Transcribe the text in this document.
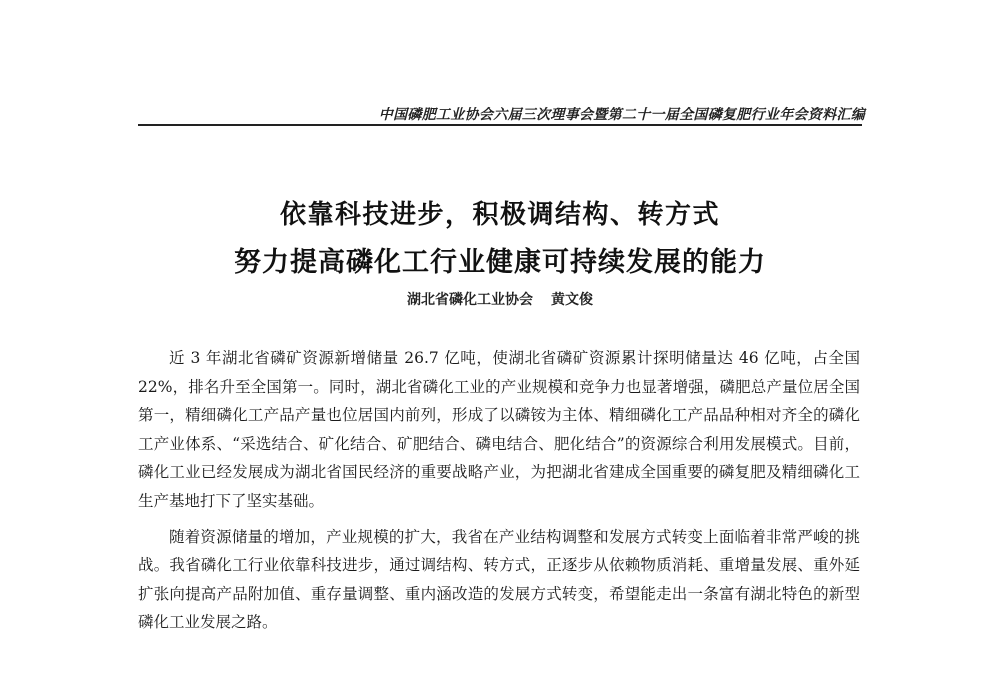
中国磷肥工业协会六届三次理事会暨第二十一届全国磷复肥行业年会资料汇编
依靠科技进步，积极调结构、转方式
努力提高磷化工行业健康可持续发展的能力
湖北省磷化工业协会 黄文俊

近 3 年湖北省磷矿资源新增储量 26.7 亿吨，使湖北省磷矿资源累计探明储量达 46 亿吨，占全国 22%，排名升至全国第一。同时，湖北省磷化工业的产业规模和竞争力也显著增强，磷肥总产量位居全国第一，精细磷化工产品产量也位居国内前列，形成了以磷铵为主体、精细磷化工产品品种相对齐全的磷化工产业体系、“采选结合、矿化结合、矿肥结合、磷电结合、肥化结合”的资源综合利用发展模式。目前，磷化工业已经发展成为湖北省国民经济的重要战略产业，为把湖北省建成全国重要的磷复肥及精细磷化工生产基地打下了坚实基础。

随着资源储量的增加，产业规模的扩大，我省在产业结构调整和发展方式转变上面临着非常严峻的挑战。我省磷化工行业依靠科技进步，通过调结构、转方式，正逐步从依赖物质消耗、重增量发展、重外延扩张向提高产品附加值、重存量调整、重内涵改造的发展方式转变，希望能走出一条富有湖北特色的新型磷化工业发展之路。
